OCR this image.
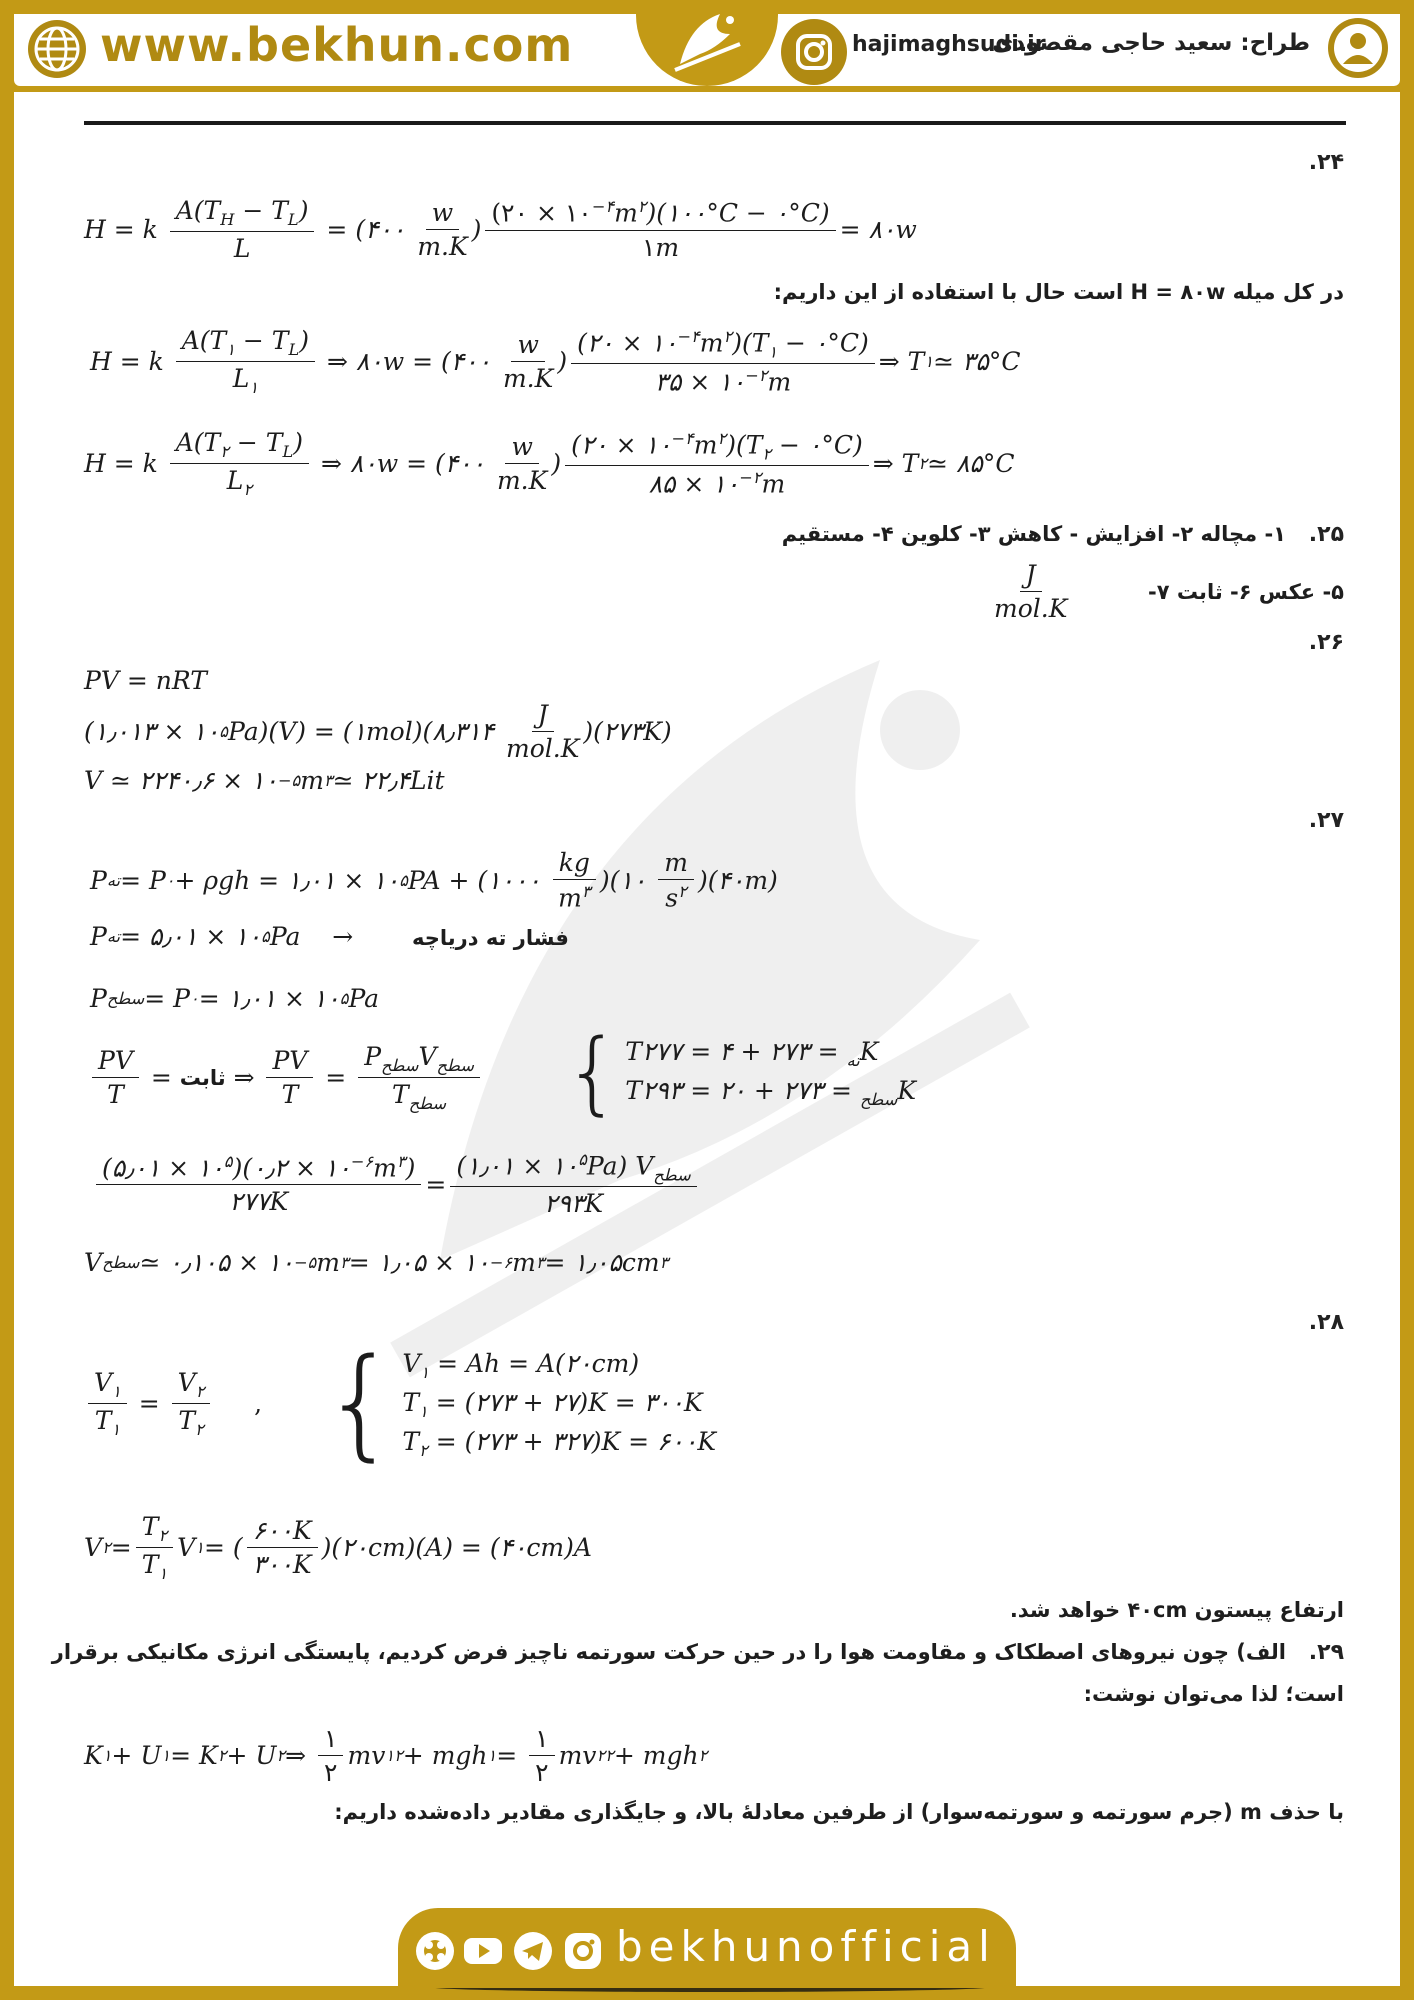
www.bekhun.com	hajimaghsudi.ir
طراح: سعید حاجی مقصودی
۲۴.
H = k $\frac{A(T_H - T_L)}{L}$ = (۴۰۰ $\frac{w}{m.K}$ ) $\frac{(۲۰ \times ۱۰^{-۴}m^۲)(۱۰۰^\circ C - ۰^\circ C)}{۱m}$ = ۸۰w
در کل میله H = ۸۰w است حال با استفاده از این داریم:
H = k $\frac{A(T_۱ - T_L)}{L_۱}$ ⇒ ۸۰w = (۴۰۰ $\frac{w}{m.K}$ ) $\frac{(۲۰ \times ۱۰^{-۴}m^۲)(T_۱ - ۰^\circ C)}{۳۵ \times ۱۰^{-۲}m}$ ⇒ T ۱ ≃ ۳۵°C
H = k $\frac{A(T_۲ - T_L)}{L_۲}$ ⇒ ۸۰w = (۴۰۰ $\frac{w}{m.K}$ ) $\frac{(۲۰ \times ۱۰^{-۴}m^۲)(T_۲ - ۰^\circ C)}{۸۵ \times ۱۰^{-۲}m}$ ⇒ T ۲ ≃ ۸۵°C
۲۵.
۱- مچاله ۲- افزایش - کاهش ۳- کلوین ۴- مستقیم
۵- عکس ۶- ثابت ۷-
$\frac{J}{\text{mol.K}}$
۲۶.
PV = nRT
(۱٫۰۱۳ × ۱۰ ۵ Pa)(V) = (۱mol)(۸٫۳۱۴ $\frac{J}{\text{mol.K}}$ )(۲۷۳K)
V ≃ ۲۲۴۰٫۶ × ۱۰ −۵ m ۳ ≃ ۲۲٫۴Lit
۲۷.
P ته = P ۰ + ρgh = ۱٫۰۱ × ۱۰ ۵ PA + (۱۰۰۰ $\frac{kg}{m^۳}$ )(۱۰ $\frac{m}{s^۲}$ )(۴۰m)
P ته = ۵٫۰۱ × ۱۰ ۵ Pa    → فشار ته دریاچه
P سطح = P ۰ = ۱٫۰۱ × ۱۰ ۵ Pa
$\frac{PV}{T}$ = ثابت ⇒ $\frac{PV}{T} = \frac{P_{سطح}V_{سطح}}{T_{سطح}}$ { T	$_{ته}$ = ۲۷۳ + ۴ = ۲۷۷K
T	$_{سطح}$ = ۲۷۳ + ۲۰ = ۲۹۳K
$\frac{(۵٫۰۱ \times ۱۰^۵)(۰٫۲ \times ۱۰^{-۶}m^۳)}{۲۷۷K} = \frac{(۱٫۰۱ \times ۱۰^۵Pa) V_{سطح}}{۲۹۳K}$
V سطح ≃ ۰٫۱۰۵ × ۱۰ −۵ m ۳ = ۱٫۰۵ × ۱۰ −۶ m ۳ = ۱٫۰۵cm ۳
۲۸.
$\frac{V_۱}{T_۱} = \frac{V_۲}{T_۲}$ , { $V_۱ = Ah$ = A(۲۰cm)
$T_۱$ = (۲۷۳ + ۲۷)K = ۳۰۰K
$T_۲$ = (۲۷۳ + ۳۲۷)K = ۶۰۰K
V ۲ = $\frac{T_۲}{T_۱}$ V ۱ = ( $\frac{۶۰۰K}{۳۰۰K}$ )(۲۰cm)(A) = (۴۰cm)A
ارتفاع پیستون ۴۰cm خواهد شد.
۲۹.
الف) چون نیروهای اصطکاک و مقاومت هوا را در حین حرکت سورتمه ناچیز فرض کردیم، پایستگی انرژی مکانیکی برقرار
است؛ لذا می‌توان نوشت:
K ۱ + U ۱ = K ۲ + U ۲ ⇒ $\frac{۱}{۲}$ mv ۱ ۲ + mgh ۱ = $\frac{۱}{۲}$ mv ۲ ۲ + mgh ۲
با حذف m (جرم سورتمه و سورتمه‌سوار) از طرفین معادلهٔ بالا، و جایگذاری مقادیر داده‌شده داریم:
bekhunofficial
